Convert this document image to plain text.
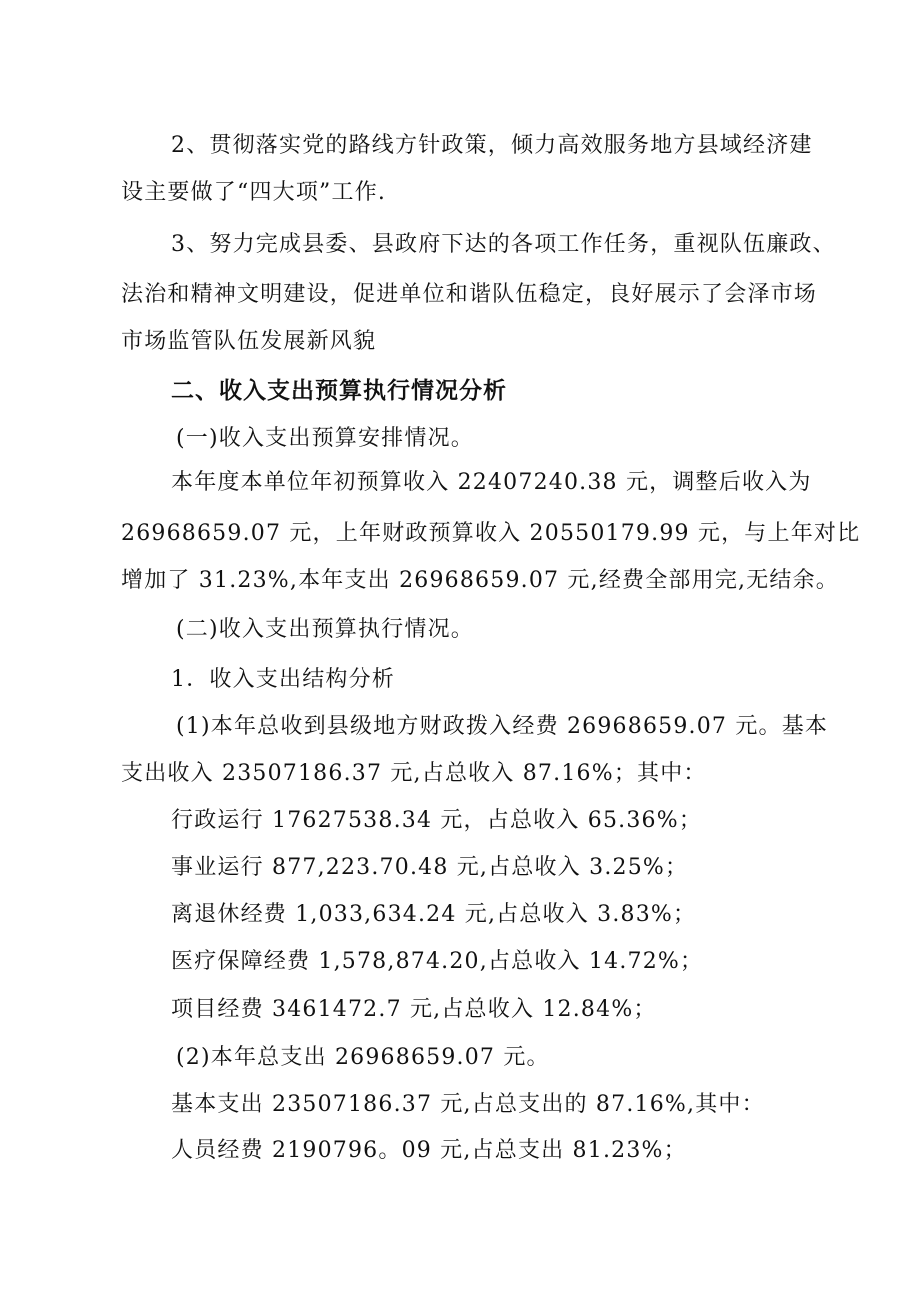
2、贯彻落实党的路线方针政策，倾力高效服务地方县域经济建
设主要做了“四大项”工作.
3、努力完成县委、县政府下达的各项工作任务，重视队伍廉政、
法治和精神文明建设，促进单位和谐队伍稳定，良好展示了会泽市场
市场监管队伍发展新风貌
二、收入支出预算执行情况分析
(一)收入支出预算安排情况。
本年度本单位年初预算收入 22407240.38 元，调整后收入为
26968659.07 元，上年财政预算收入 20550179.99 元，与上年对比
增加了 31.23%,本年支出 26968659.07 元,经费全部用完,无结余。
(二)收入支出预算执行情况。
1．收入支出结构分析
(1)本年总收到县级地方财政拨入经费 26968659.07 元。基本
支出收入 23507186.37 元,占总收入 87.16%；其中：
行政运行 17627538.34 元，占总收入 65.36%；
事业运行 877,223.70.48 元,占总收入 3.25%；
离退休经费 1,033,634.24 元,占总收入 3.83%；
医疗保障经费 1,578,874.20,占总收入 14.72%；
项目经费 3461472.7 元,占总收入 12.84%；
(2)本年总支出 26968659.07 元。
基本支出 23507186.37 元,占总支出的 87.16%,其中：
人员经费 2190796。09 元,占总支出 81.23%；
